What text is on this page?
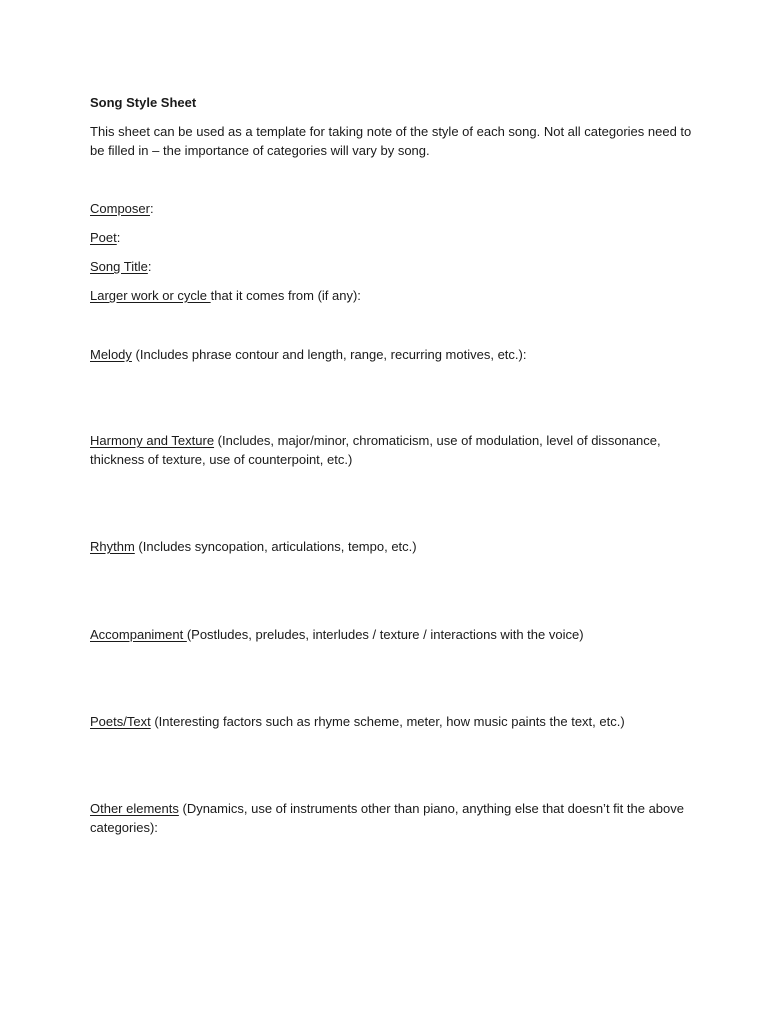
Song Style Sheet
This sheet can be used as a template for taking note of the style of each song. Not all categories need to
be filled in – the importance of categories will vary by song.
Composer:
Poet:
Song Title:
Larger work or cycle that it comes from (if any):
Melody (Includes phrase contour and length, range, recurring motives, etc.):
Harmony and Texture (Includes, major/minor, chromaticism, use of modulation, level of dissonance,
thickness of texture, use of counterpoint, etc.)
Rhythm (Includes syncopation, articulations, tempo, etc.)
Accompaniment (Postludes, preludes, interludes / texture / interactions with the voice)
Poets/Text (Interesting factors such as rhyme scheme, meter, how music paints the text, etc.)
Other elements (Dynamics, use of instruments other than piano, anything else that doesn’t fit the above
categories):
